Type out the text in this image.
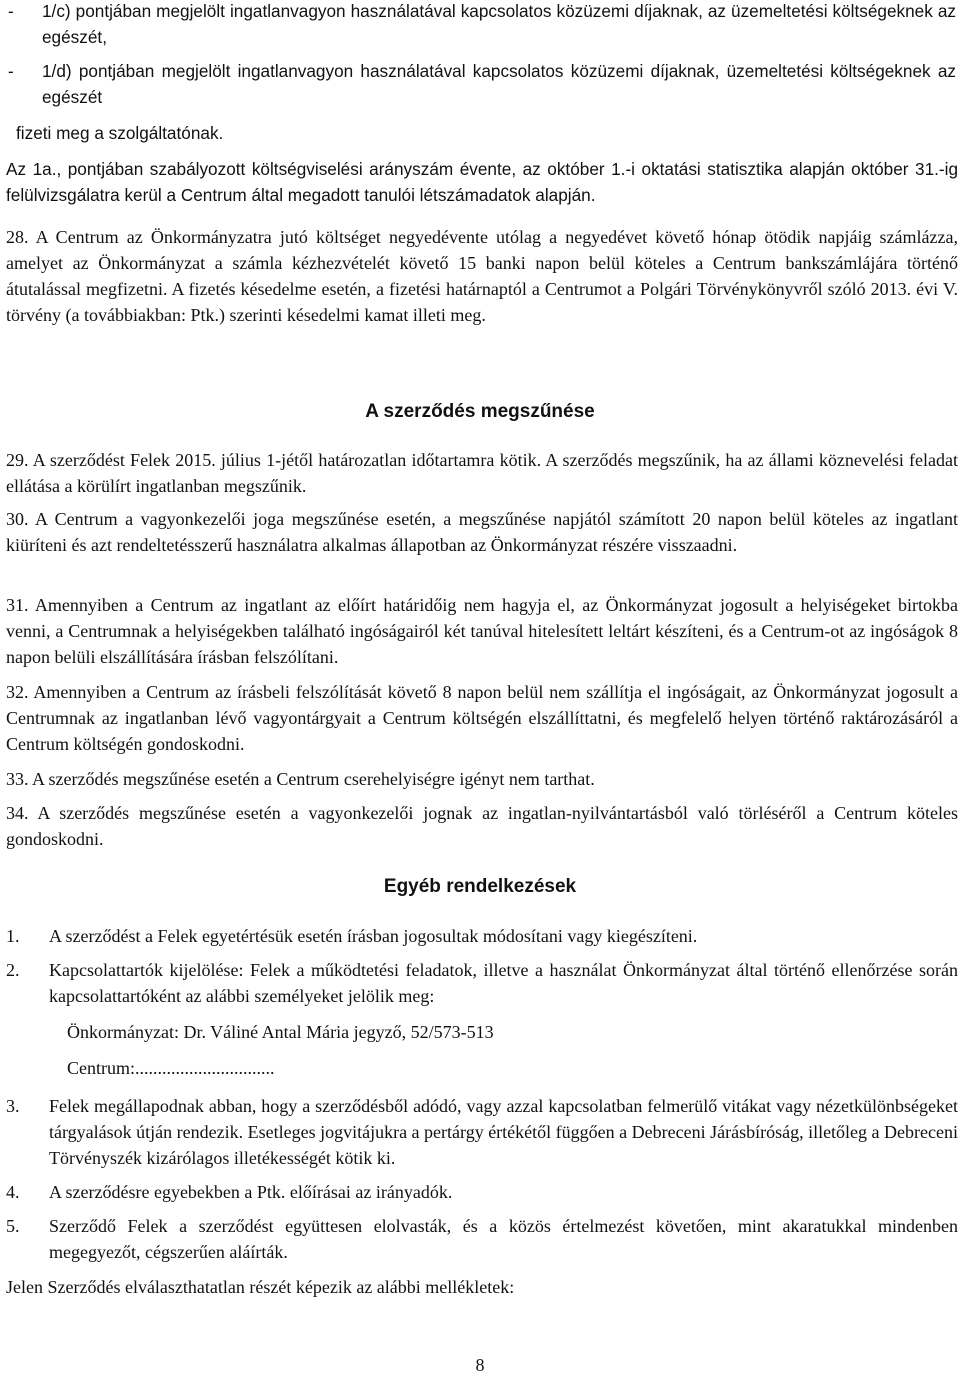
-	1/c) pontjában megjelölt ingatlanvagyon használatával kapcsolatos közüzemi díjaknak, az üzemeltetési költségeknek az egészét,
-	1/d) pontjában megjelölt ingatlanvagyon használatával kapcsolatos közüzemi díjaknak, üzemeltetési költségeknek az egészét

fizeti meg a szolgáltatónak.

Az 1a., pontjában szabályozott költségviselési arányszám évente, az október 1.-i oktatási statisztika alapján október 31.-ig felülvizsgálatra kerül a Centrum által megadott tanulói létszámadatok alapján.

28. A Centrum az Önkormányzatra jutó költséget negyedévente utólag a negyedévet követő hónap ötödik napjáig számlázza, amelyet az Önkormányzat a számla kézhezvételét követő 15 banki napon belül köteles a Centrum bankszámlájára történő átutalással megfizetni. A fizetés késedelme esetén, a fizetési határnaptól a Centrumot a Polgári Törvénykönyvről szóló 2013. évi V. törvény (a továbbiakban: Ptk.) szerinti késedelmi kamat illeti meg.

A szerződés megszűnése

29. A szerződést Felek 2015. július 1-jétől határozatlan időtartamra kötik. A szerződés megszűnik, ha az állami köznevelési feladat ellátása a körülírt ingatlanban megszűnik.

30. A Centrum a vagyonkezelői joga megszűnése esetén, a megszűnése napjától számított 20 napon belül köteles az ingatlant kiüríteni és azt rendeltetésszerű használatra alkalmas állapotban az Önkormányzat részére visszaadni.

31. Amennyiben a Centrum az ingatlant az előírt határidőig nem hagyja el, az Önkormányzat jogosult a helyiségeket birtokba venni, a Centrumnak a helyiségekben található ingóságairól két tanúval hitelesített leltárt készíteni, és a Centrum-ot az ingóságok 8 napon belüli elszállítására írásban felszólítani.

32. Amennyiben a Centrum az írásbeli felszólítását követő 8 napon belül nem szállítja el ingóságait, az Önkormányzat jogosult a Centrumnak az ingatlanban lévő vagyontárgyait a Centrum költségén elszállíttatni, és megfelelő helyen történő raktározásáról a Centrum költségén gondoskodni.

33. A szerződés megszűnése esetén a Centrum cserehelyiségre igényt nem tarthat.

34. A szerződés megszűnése esetén a vagyonkezelői jognak az ingatlan-nyilvántartásból való törléséről a Centrum köteles gondoskodni.

Egyéb rendelkezések
1. A szerződést a Felek egyetértésük esetén írásban jogosultak módosítani vagy kiegészíteni.
2. Kapcsolattartók kijelölése: Felek a működtetési feladatok, illetve a használat Önkormányzat által történő ellenőrzése során kapcsolattartóként az alábbi személyeket jelölik meg:
Önkormányzat: Dr. Váliné Antal Mária jegyző, 52/573-513
Centrum:...............................
3. Felek megállapodnak abban, hogy a szerződésből adódó, vagy azzal kapcsolatban felmerülő vitákat vagy nézetkülönbségeket tárgyalások útján rendezik. Esetleges jogvitájukra a pertárgy értékétől függően a Debreceni Járásbíróság, illetőleg a Debreceni Törvényszék kizárólagos illetékességét kötik ki.
4. A szerződésre egyebekben a Ptk. előírásai az irányadók.
5. Szerződő Felek a szerződést együttesen elolvasták, és a közös értelmezést követően, mint akaratukkal mindenben megegyezőt, cégszerűen aláírták.

Jelen Szerződés elválaszthatatlan részét képezik az alábbi mellékletek:

8
